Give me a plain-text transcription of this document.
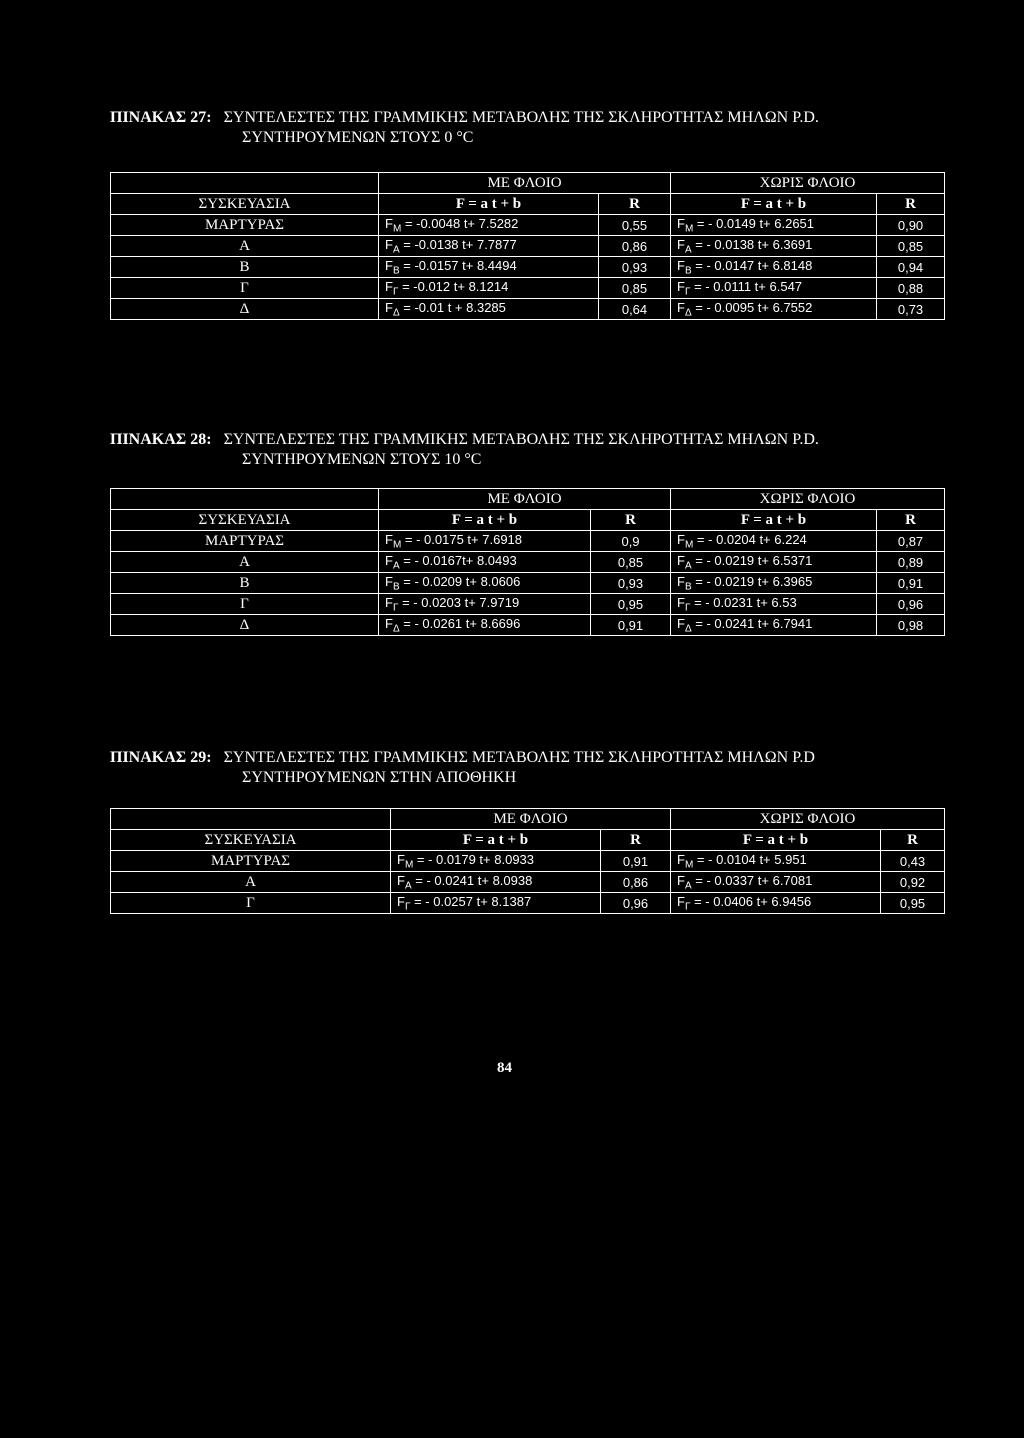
ΠΙΝΑΚΑΣ 27: ΣΥΝΤΕΛΕΣΤΕΣ ΤΗΣ ΓΡΑΜΜΙΚΗΣ ΜΕΤΑΒΟΛΗΣ ΤΗΣ ΣΚΛΗΡΟΤΗΤΑΣ ΜΗΛΩΝ P.D.
ΣΥΝΤΗΡΟΥΜΕΝΩΝ ΣΤΟΥΣ 0 °C
	ΜΕ ΦΛΟΙΟ		ΧΩΡΙΣ ΦΛΟΙΟ	
ΣΥΣΚΕΥΑΣΙΑ	F = a t + b	R	F = a t + b	R
ΜΑΡΤΥΡΑΣ	$F_M = -0.0048$ t+ 7.5282	0,55	$F_M$ = - 0.0149 t+ 6.2651	0,90
A	$F_A = -0.0138$ t+ 7.7877	0,86	$F_A$ = - 0.0138 t+ 6.3691	0,85
B	$F_B = -0.0157$ t+ 8.4494	0,93	$F_B$ = - 0.0147 t+ 6.8148	0,94
Γ	$F_\Gamma = -0.012$ t+ 8.1214	0,85	$F_\Gamma$ = - 0.0111 t+ 6.547	0,88
Δ	$F_\Delta = -0.01$ t + 8.3285	0,64	$F_\Delta$ = - 0.0095 t+ 6.7552	0,73
ΠΙΝΑΚΑΣ 28: ΣΥΝΤΕΛΕΣΤΕΣ ΤΗΣ ΓΡΑΜΜΙΚΗΣ ΜΕΤΑΒΟΛΗΣ ΤΗΣ ΣΚΛΗΡΟΤΗΤΑΣ ΜΗΛΩΝ P.D.
ΣΥΝΤΗΡΟΥΜΕΝΩΝ ΣΤΟΥΣ 10 °C
	ΜΕ ΦΛΟΙΟ		ΧΩΡΙΣ ΦΛΟΙΟ	
ΣΥΣΚΕΥΑΣΙΑ	F = a t + b	R	F = a t + b	R
ΜΑΡΤΥΡΑΣ	$F_M$ = - 0.0175 t+ 7.6918	0,9	$F_M$ = - 0.0204 t+ 6.224	0,87
A	$F_A$ = - 0.0167t+ 8.0493	0,85	$F_A$ = - 0.0219 t+ 6.5371	0,89
B	$F_B$ = - 0.0209 t+ 8.0606	0,93	$F_B$ = - 0.0219 t+ 6.3965	0,91
Γ	$F_\Gamma$ = - 0.0203 t+ 7.9719	0,95	$F_\Gamma$ = - 0.0231 t+ 6.53	0,96
Δ	$F_\Delta$ = - 0.0261 t+ 8.6696	0,91	$F_\Delta$ = - 0.0241 t+ 6.7941	0,98
ΠΙΝΑΚΑΣ 29: ΣΥΝΤΕΛΕΣΤΕΣ ΤΗΣ ΓΡΑΜΜΙΚΗΣ ΜΕΤΑΒΟΛΗΣ ΤΗΣ ΣΚΛΗΡΟΤΗΤΑΣ ΜΗΛΩΝ P.D
ΣΥΝΤΗΡΟΥΜΕΝΩΝ ΣΤΗΝ ΑΠΟΘΗΚΗ
	ΜΕ ΦΛΟΙΟ		ΧΩΡΙΣ ΦΛΟΙΟ	
ΣΥΣΚΕΥΑΣΙΑ	F = a t + b	R	F = a t + b	R
ΜΑΡΤΥΡΑΣ	$F_M$ = - 0.0179 t+ 8.0933	0,91	$F_M$ = - 0.0104 t+ 5.951	0,43
A	$F_A$ = - 0.0241 t+ 8.0938	0,86	$F_A$ = - 0.0337 t+ 6.7081	0,92
Γ	$F_\Gamma$ = - 0.0257 t+ 8.1387	0,96	$F_\Gamma$ = - 0.0406 t+ 6.9456	0,95
84
